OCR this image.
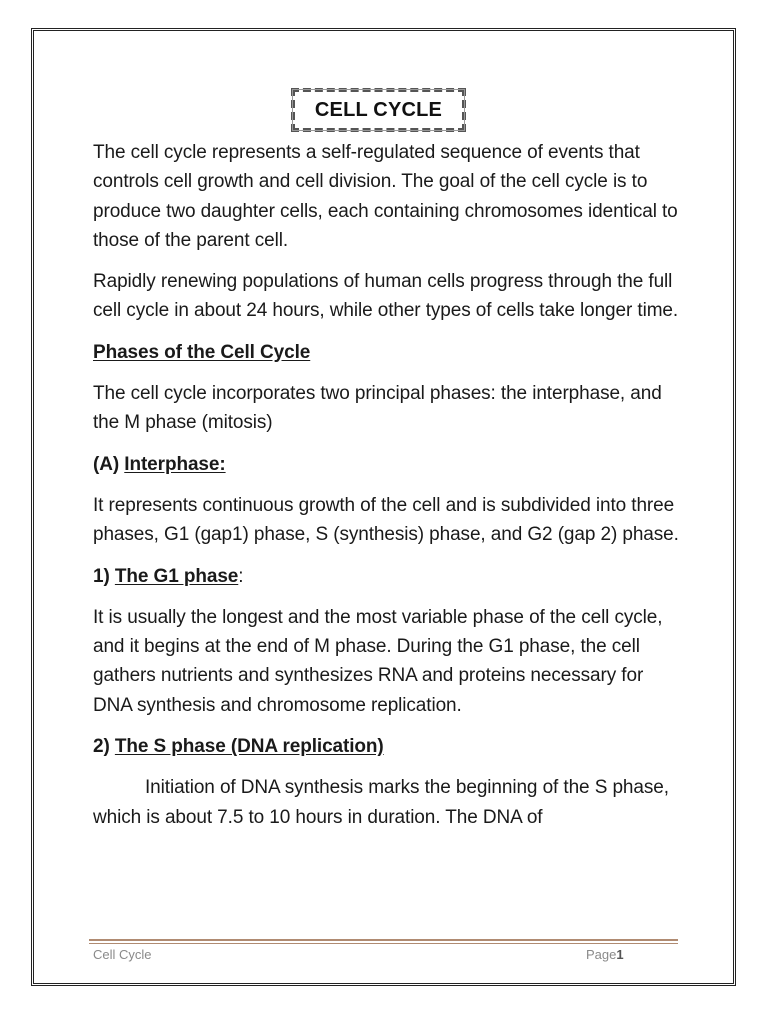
CELL CYCLE

The cell cycle represents a self-regulated sequence of events that controls cell growth and cell division. The goal of the cell cycle is to produce two daughter cells, each containing chromosomes identical to those of the parent cell.

Rapidly renewing populations of human cells progress through the full cell cycle in about 24 hours, while other types of cells take longer time.

Phases of the Cell Cycle

The cell cycle incorporates two principal phases: the interphase, and the M phase (mitosis)

(A) Interphase:

It represents continuous growth of the cell and is subdivided into three phases, G1 (gap1) phase, S (synthesis) phase, and G2 (gap 2) phase.

1) The G1 phase:

It is usually the longest and the most variable phase of the cell cycle, and it begins at the end of M phase. During the G1 phase, the cell gathers nutrients and synthesizes RNA and proteins necessary for DNA synthesis and chromosome replication.

2) The S phase (DNA replication)

Initiation of DNA synthesis marks the beginning of the S phase, which is about 7.5 to 10 hours in duration. The DNA of

Cell Cycle	Page1
